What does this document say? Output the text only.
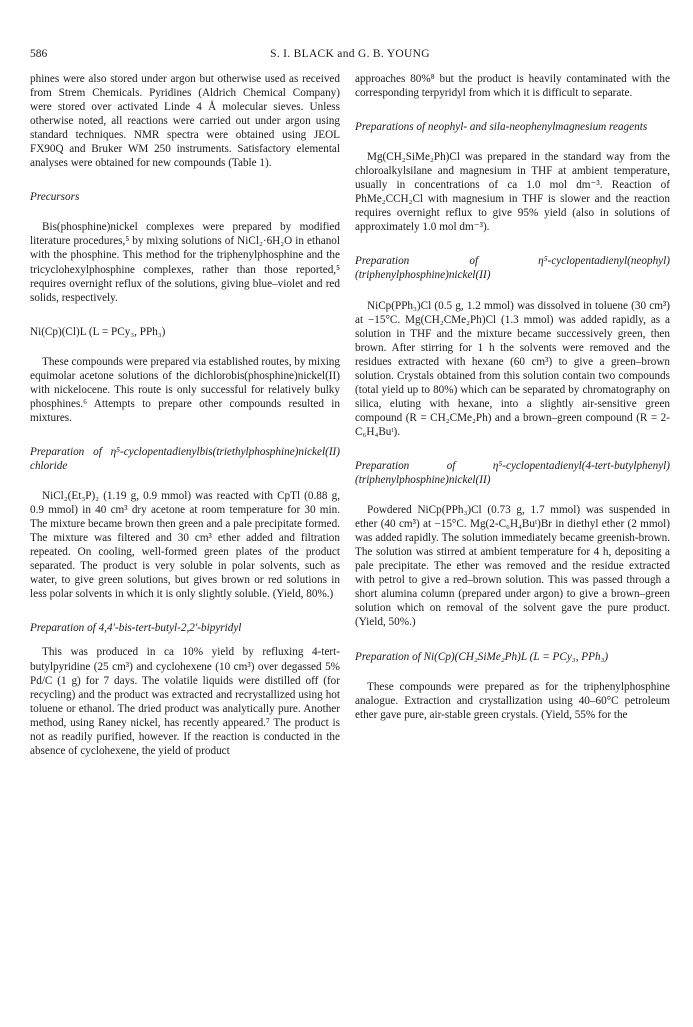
586	S. I. BLACK and G. B. YOUNG

phines were also stored under argon but otherwise used as received from Strem Chemicals. Pyridines (Aldrich Chemical Company) were stored over activated Linde 4 Å molecular sieves. Unless otherwise noted, all reactions were carried out under argon using standard techniques. NMR spectra were obtained using JEOL FX90Q and Bruker WM 250 instruments. Satisfactory elemental analyses were obtained for new compounds (Table 1).

Precursors

Bis(phosphine)nickel complexes were prepared by modified literature procedures,⁵ by mixing solutions of NiCl₂·6H₂O in ethanol with the phosphine. This method for the triphenylphosphine and the tricyclohexylphosphine complexes, rather than those reported,⁵ requires overnight reflux of the solutions, giving blue–violet and red solids, respectively.

Ni(Cp)(Cl)L (L = PCy₃, PPh₃)

These compounds were prepared via established routes, by mixing equimolar acetone solutions of the dichlorobis(phosphine)nickel(II) with nickelocene. This route is only successful for relatively bulky phosphines.⁶ Attempts to prepare other compounds resulted in mixtures.

Preparation of η⁵-cyclopentadienylbis(triethylphosphine)nickel(II) chloride

NiCl₂(Et₃P)₂ (1.19 g, 0.9 mmol) was reacted with CpTl (0.88 g, 0.9 mmol) in 40 cm³ dry acetone at room temperature for 30 min. The mixture became brown then green and a pale precipitate formed. The mixture was filtered and 30 cm³ ether added and filtration repeated. On cooling, well-formed green plates of the product separated. The product is very soluble in polar solvents, such as water, to give green solutions, but gives brown or red solutions in less polar solvents in which it is only slightly soluble. (Yield, 80%.)

Preparation of 4,4′-bis-tert-butyl-2,2′-bipyridyl

This was produced in ca 10% yield by refluxing 4-tert-butylpyridine (25 cm³) and cyclohexene (10 cm³) over degassed 5% Pd/C (1 g) for 7 days. The volatile liquids were distilled off (for recycling) and the product was extracted and recrystallized using hot toluene or ethanol. The dried product was analytically pure. Another method, using Raney nickel, has recently appeared.⁷ The product is not as readily purified, however. If the reaction is conducted in the absence of cyclohexene, the yield of product

approaches 80%⁸ but the product is heavily contaminated with the corresponding terpyridyl from which it is difficult to separate.

Preparations of neophyl- and sila-neophenylmagnesium reagents

Mg(CH₂SiMe₂Ph)Cl was prepared in the standard way from the chloroalkylsilane and magnesium in THF at ambient temperature, usually in concentrations of ca 1.0 mol dm⁻³. Reaction of PhMe₂CCH₂Cl with magnesium in THF is slower and the reaction requires overnight reflux to give 95% yield (also in solutions of approximately 1.0 mol dm⁻³).

Preparation of η⁵-cyclopentadienyl(neophyl)(triphenylphosphine)nickel(II)

NiCp(PPh₃)Cl (0.5 g, 1.2 mmol) was dissolved in toluene (30 cm³) at −15°C. Mg(CH₂CMe₂Ph)Cl (1.3 mmol) was added rapidly, as a solution in THF and the mixture became successively green, then brown. After stirring for 1 h the solvents were removed and the residues extracted with hexane (60 cm³) to give a green–brown solution. Crystals obtained from this solution contain two compounds (total yield up to 80%) which can be separated by chromatography on silica, eluting with hexane, into a slightly air-sensitive green compound (R = CH₂CMe₂Ph) and a brown–green compound (R = 2-C₆H₄Buᵗ).

Preparation of η⁵-cyclopentadienyl(4-tert-butylphenyl)(triphenylphosphine)nickel(II)

Powdered NiCp(PPh₃)Cl (0.73 g, 1.7 mmol) was suspended in ether (40 cm³) at −15°C. Mg(2-C₆H₄Buᵗ)Br in diethyl ether (2 mmol) was added rapidly. The solution immediately became greenish-brown. The solution was stirred at ambient temperature for 4 h, depositing a pale precipitate. The ether was removed and the residue extracted with petrol to give a red–brown solution. This was passed through a short alumina column (prepared under argon) to give a brown–green solution which on removal of the solvent gave the pure product. (Yield, 50%.)

Preparation of Ni(Cp)(CH₂SiMe₂Ph)L (L = PCy₃, PPh₃)

These compounds were prepared as for the triphenylphosphine analogue. Extraction and crystallization using 40–60°C petroleum ether gave pure, air-stable green crystals. (Yield, 55% for the
